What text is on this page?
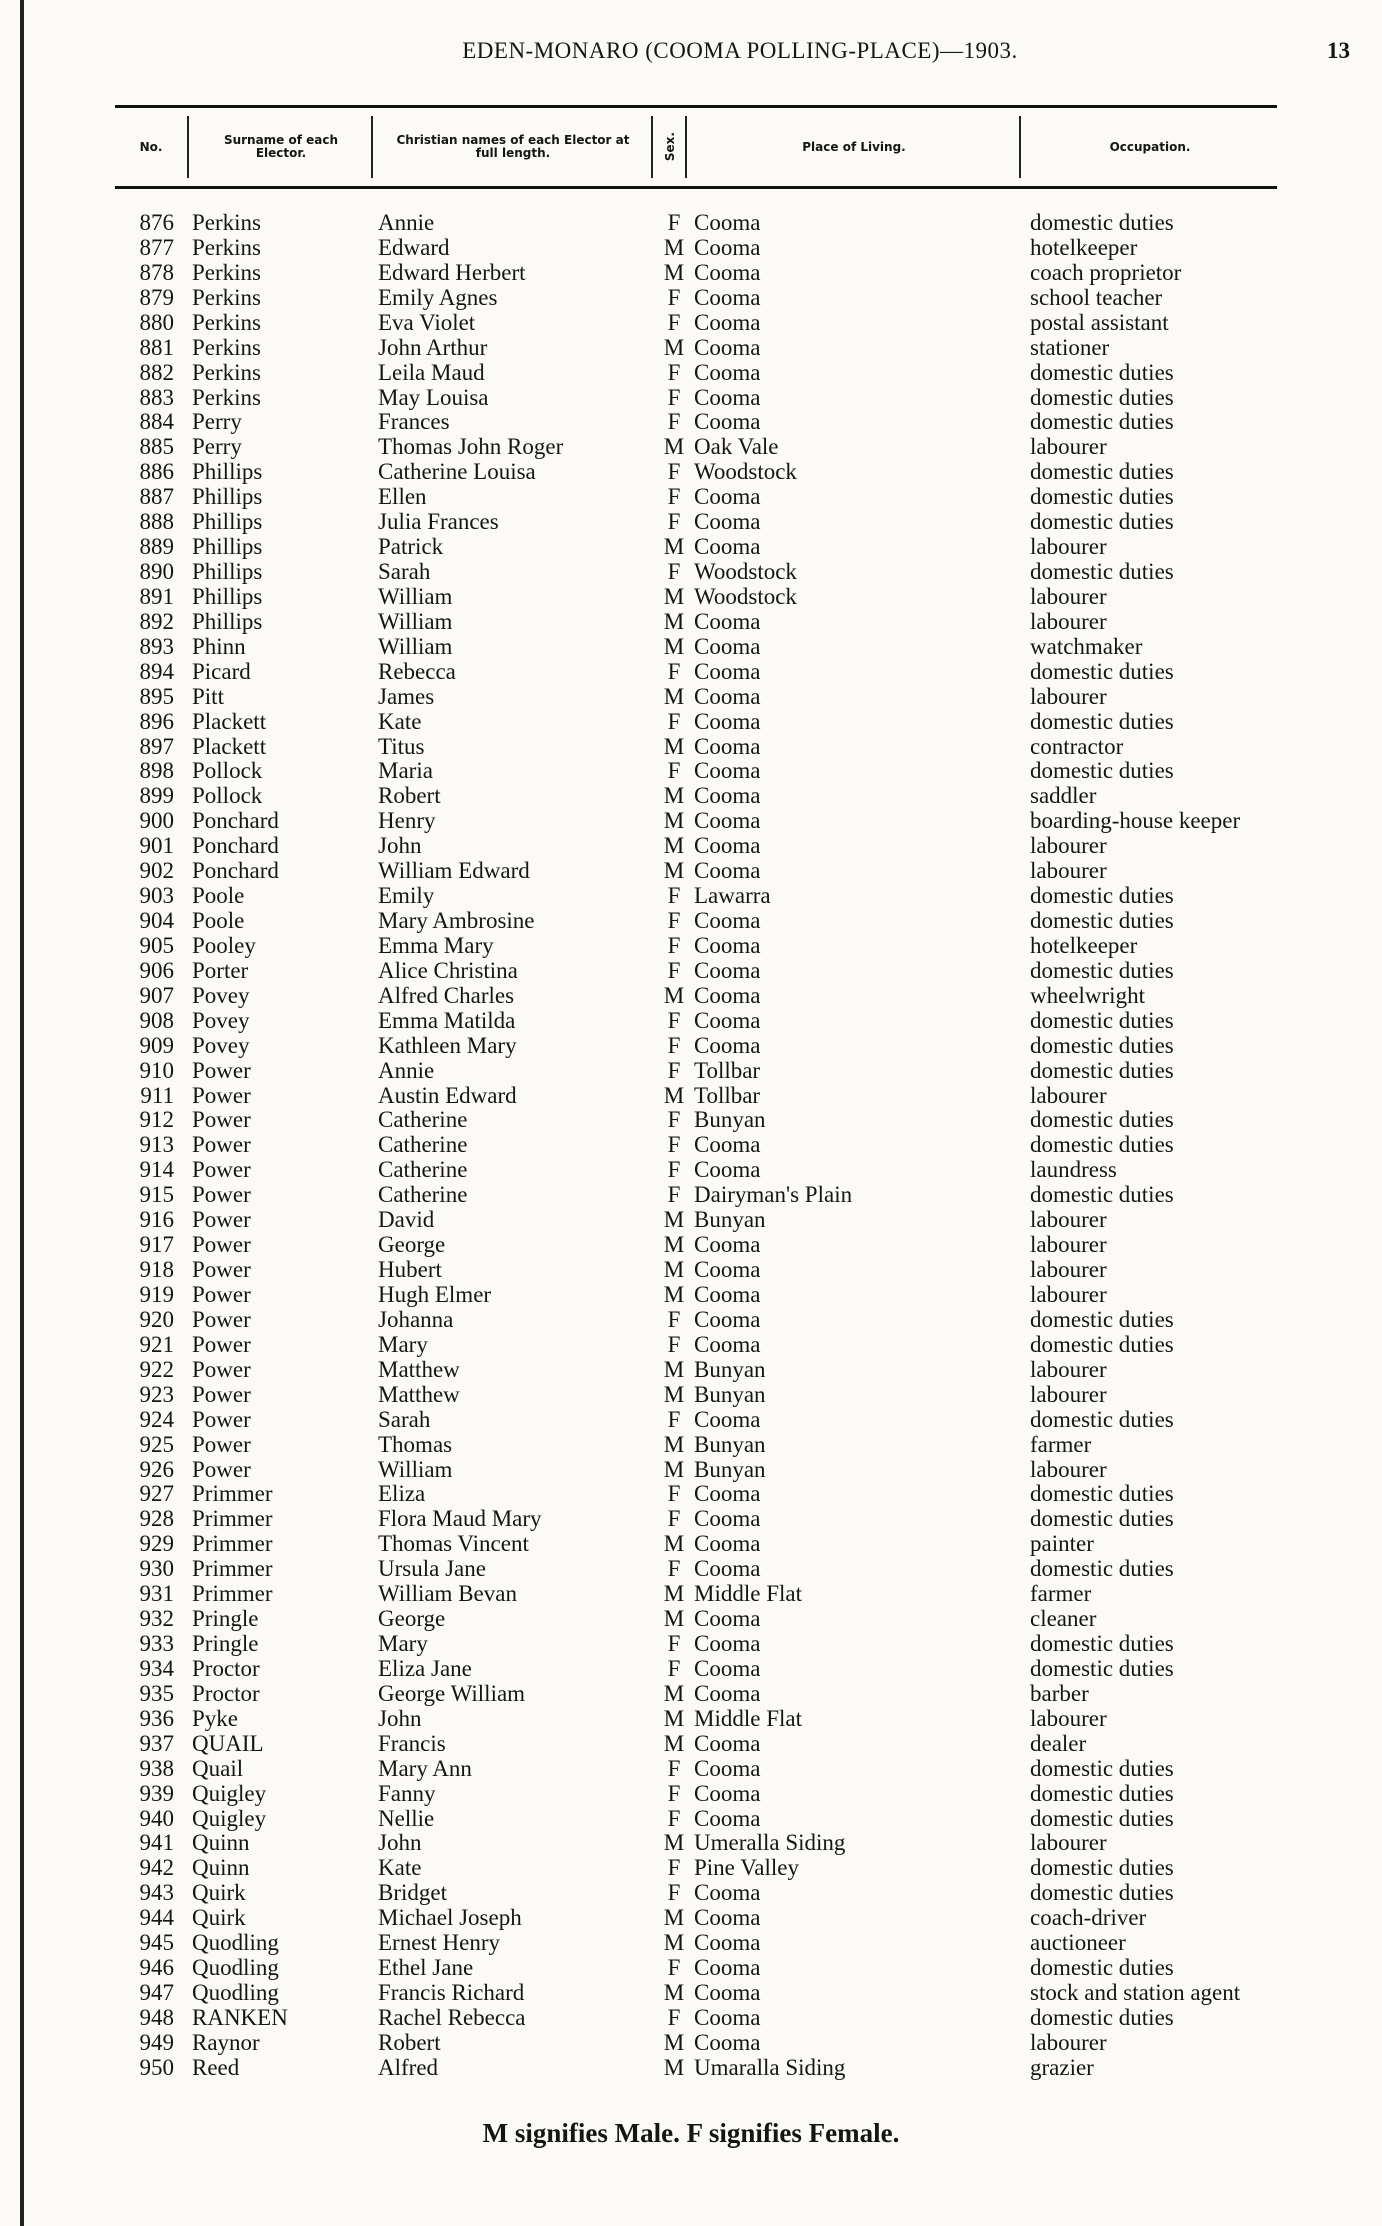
EDEN-MONARO (COOMA POLLING-PLACE)—1903.	13
No.	Surname of each Elector.
Christian names of each Elector at full length.	Sex.	Place of Living.	Occupation.
876 Perkins	Annie	F Cooma	domestic duties
877 Perkins	Edward	M Cooma	hotelkeeper
878 Perkins	Edward Herbert	M Cooma	coach proprietor
879 Perkins	Emily Agnes	F Cooma	school teacher
880 Perkins	Eva Violet	F Cooma	postal assistant
881 Perkins	John Arthur	M Cooma	stationer
882 Perkins	Leila Maud	F Cooma	domestic duties
883 Perkins	May Louisa	F Cooma	domestic duties
884 Perry	Frances	F Cooma	domestic duties
885 Perry	Thomas John Roger	M Oak Vale	labourer
886 Phillips	Catherine Louisa	F Woodstock	domestic duties
887 Phillips	Ellen	F Cooma	domestic duties
888 Phillips	Julia Frances	F Cooma	domestic duties
889 Phillips	Patrick	M Cooma	labourer
890 Phillips	Sarah	F Woodstock	domestic duties
891 Phillips	William	M Woodstock	labourer
892 Phillips	William	M Cooma	labourer
893 Phinn	William	M Cooma	watchmaker
894 Picard	Rebecca	F Cooma	domestic duties
895 Pitt	James	M Cooma	labourer
896 Plackett	Kate	F Cooma	domestic duties
897 Plackett	Titus	M Cooma	contractor
898 Pollock	Maria	F Cooma	domestic duties
899 Pollock	Robert	M Cooma	saddler
900 Ponchard	Henry	M Cooma	boarding-house keeper
901 Ponchard	John	M Cooma	labourer
902 Ponchard	William Edward	M Cooma	labourer
903 Poole	Emily	F Lawarra	domestic duties
904 Poole	Mary Ambrosine	F Cooma	domestic duties
905 Pooley	Emma Mary	F Cooma	hotelkeeper
906 Porter	Alice Christina	F Cooma	domestic duties
907 Povey	Alfred Charles	M Cooma	wheelwright
908 Povey	Emma Matilda	F Cooma	domestic duties
909 Povey	Kathleen Mary	F Cooma	domestic duties
910 Power	Annie	F Tollbar	domestic duties
911 Power	Austin Edward	M Tollbar	labourer
912 Power	Catherine	F Bunyan	domestic duties
913 Power	Catherine	F Cooma	domestic duties
914 Power	Catherine	F Cooma	laundress
915 Power	Catherine	F Dairyman's Plain	domestic duties
916 Power	David	M Bunyan	labourer
917 Power	George	M Cooma	labourer
918 Power	Hubert	M Cooma	labourer
919 Power	Hugh Elmer	M Cooma	labourer
920 Power	Johanna	F Cooma	domestic duties
921 Power	Mary	F Cooma	domestic duties
922 Power	Matthew	M Bunyan	labourer
923 Power	Matthew	M Bunyan	labourer
924 Power	Sarah	F Cooma	domestic duties
925 Power	Thomas	M Bunyan	farmer
926 Power	William	M Bunyan	labourer
927 Primmer	Eliza	F Cooma	domestic duties
928 Primmer	Flora Maud Mary	F Cooma	domestic duties
929 Primmer	Thomas Vincent	M Cooma	painter
930 Primmer	Ursula Jane	F Cooma	domestic duties
931 Primmer	William Bevan	M Middle Flat	farmer
932 Pringle	George	M Cooma	cleaner
933 Pringle	Mary	F Cooma	domestic duties
934 Proctor	Eliza Jane	F Cooma	domestic duties
935 Proctor	George William	M Cooma	barber
936 Pyke	John	M Middle Flat	labourer
937 QUAIL	Francis	M Cooma	dealer
938 Quail	Mary Ann	F Cooma	domestic duties
939 Quigley	Fanny	F Cooma	domestic duties
940 Quigley	Nellie	F Cooma	domestic duties
941 Quinn	John	M Umeralla Siding	labourer
942 Quinn	Kate	F Pine Valley	domestic duties
943 Quirk	Bridget	F Cooma	domestic duties
944 Quirk	Michael Joseph	M Cooma	coach-driver
945 Quodling	Ernest Henry	M Cooma	auctioneer
946 Quodling	Ethel Jane	F Cooma	domestic duties
947 Quodling	Francis Richard	M Cooma	stock and station agent
948 RANKEN	Rachel Rebecca	F Cooma	domestic duties
949 Raynor	Robert	M Cooma	labourer
950 Reed	Alfred	M Umaralla Siding	grazier
M signifies Male. F signifies Female.
